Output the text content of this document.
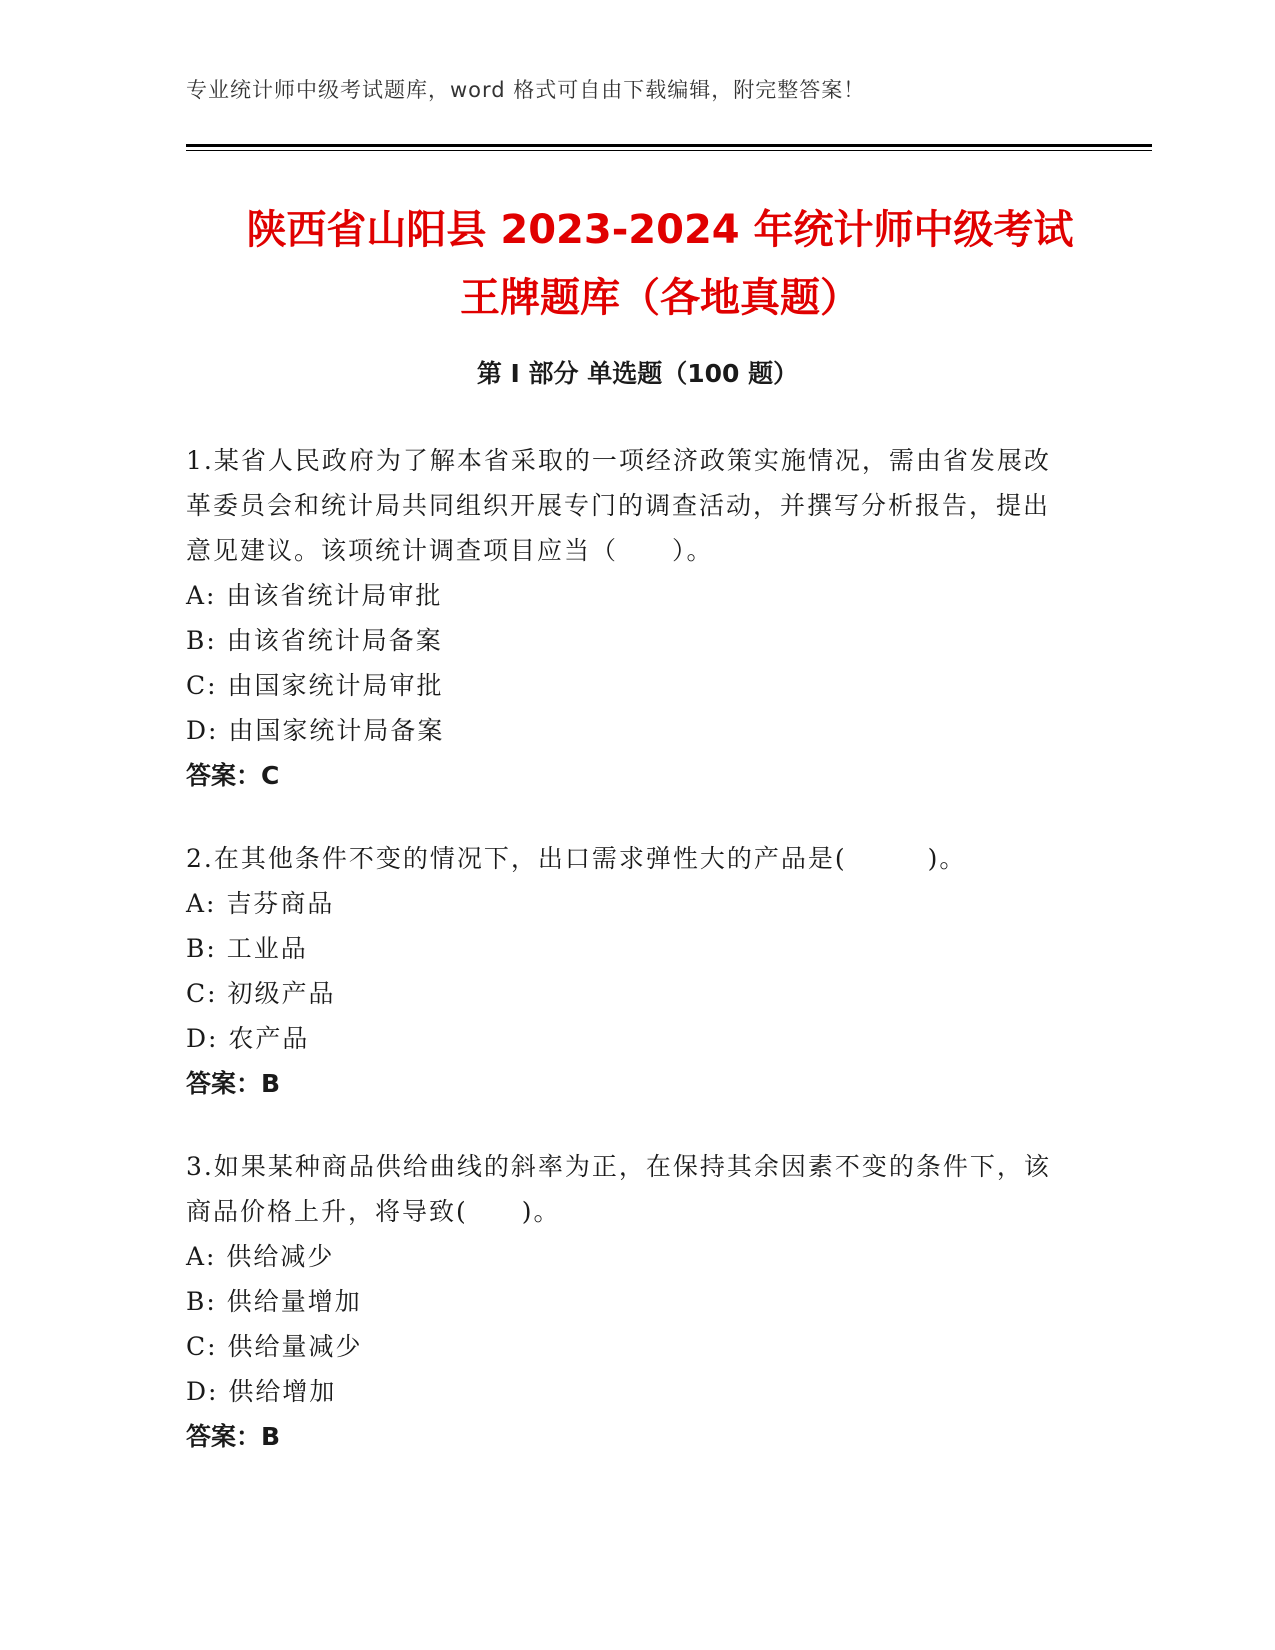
专业统计师中级考试题库，word 格式可自由下载编辑，附完整答案！
陕西省山阳县 2023-2024 年统计师中级考试
王牌题库（各地真题）
第 I 部分 单选题（100 题）
1.某省人民政府为了解本省采取的一项经济政策实施情况，需由省发展改革委员会和统计局共同组织开展专门的调查活动，并撰写分析报告，提出意见建议。该项统计调查项目应当（　　）。
A: 由该省统计局审批
B: 由该省统计局备案
C: 由国家统计局审批
D: 由国家统计局备案
答案：C
2.在其他条件不变的情况下，出口需求弹性大的产品是(　　　)。
A: 吉芬商品
B: 工业品
C: 初级产品
D: 农产品
答案：B
3.如果某种商品供给曲线的斜率为正，在保持其余因素不变的条件下，该商品价格上升，将导致(　　)。
A: 供给减少
B: 供给量增加
C: 供给量减少
D: 供给增加
答案：B
